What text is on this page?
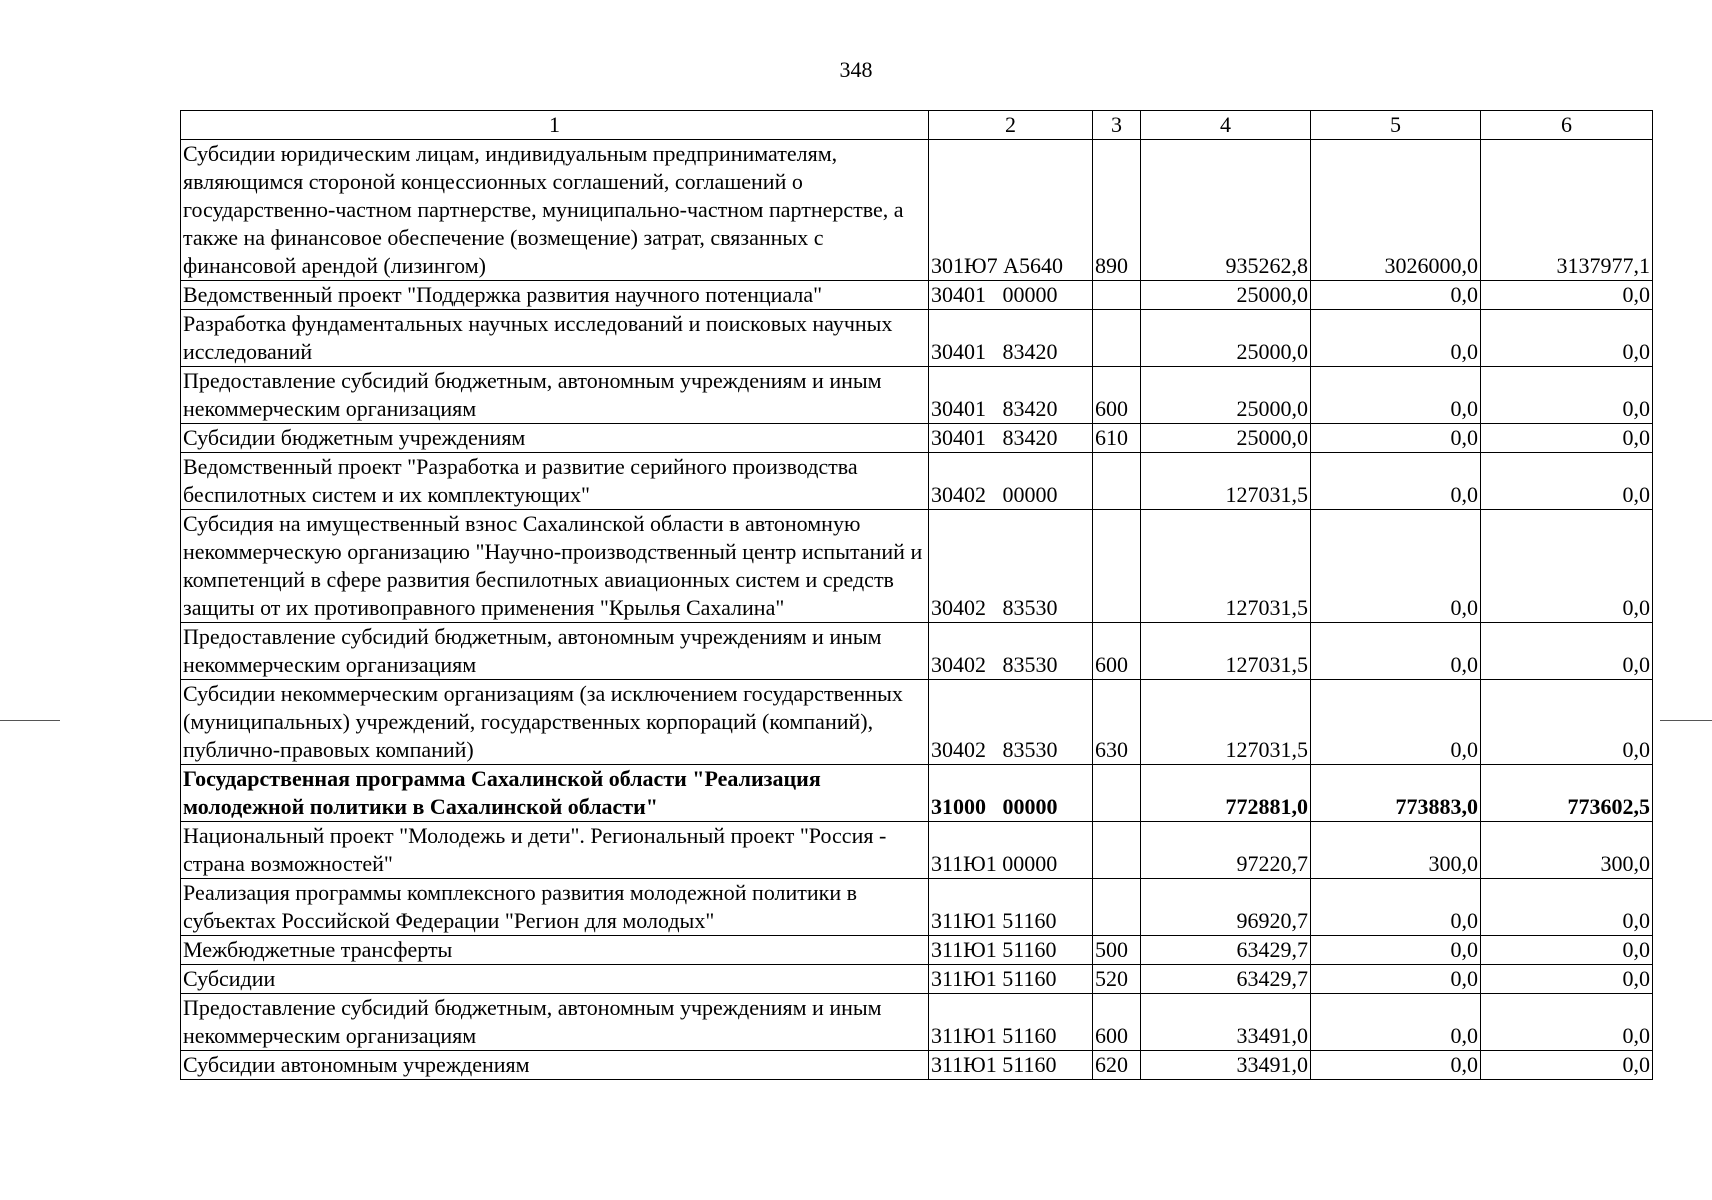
348
1	2	3	4	5	6
Субсидии юридическим лицам, индивидуальным предпринимателям, являющимся стороной концессионных соглашений, соглашений о государственно-частном партнерстве, муниципально-частном партнерстве, а также на финансовое обеспечение (возмещение) затрат, связанных с финансовой арендой (лизингом)	301Ю7 А5640	890	935262,8	3026000,0	3137977,1
Ведомственный проект "Поддержка развития научного потенциала"	30401   00000		25000,0	0,0	0,0
Разработка фундаментальных научных исследований и поисковых научных исследований	30401   83420		25000,0	0,0	0,0
Предоставление субсидий бюджетным, автономным учреждениям и иным некоммерческим организациям	30401   83420	600	25000,0	0,0	0,0
Субсидии бюджетным учреждениям	30401   83420	610	25000,0	0,0	0,0
Ведомственный проект "Разработка и развитие серийного производства беспилотных систем и их комплектующих"	30402   00000		127031,5	0,0	0,0
Субсидия на имущественный взнос Сахалинской области в автономную некоммерческую организацию "Научно-производственный центр испытаний и компетенций в сфере развития беспилотных авиационных систем и средств защиты от их противоправного применения "Крылья Сахалина"	30402   83530		127031,5	0,0	0,0
Предоставление субсидий бюджетным, автономным учреждениям и иным некоммерческим организациям	30402   83530	600	127031,5	0,0	0,0
Субсидии некоммерческим организациям (за исключением государственных (муниципальных) учреждений, государственных корпораций (компаний), публично-правовых компаний)	30402   83530	630	127031,5	0,0	0,0
Государственная программа Сахалинской области "Реализация молодежной политики в Сахалинской области"	31000   00000		772881,0	773883,0	773602,5
Национальный проект "Молодежь и дети". Региональный проект "Россия - страна возможностей"	311Ю1 00000		97220,7	300,0	300,0
Реализация программы комплексного развития молодежной политики в субъектах Российской Федерации "Регион для молодых"	311Ю1 51160		96920,7	0,0	0,0
Межбюджетные трансферты	311Ю1 51160	500	63429,7	0,0	0,0
Субсидии	311Ю1 51160	520	63429,7	0,0	0,0
Предоставление субсидий бюджетным, автономным учреждениям и иным некоммерческим организациям	311Ю1 51160	600	33491,0	0,0	0,0
Субсидии автономным учреждениям	311Ю1 51160	620	33491,0	0,0	0,0
